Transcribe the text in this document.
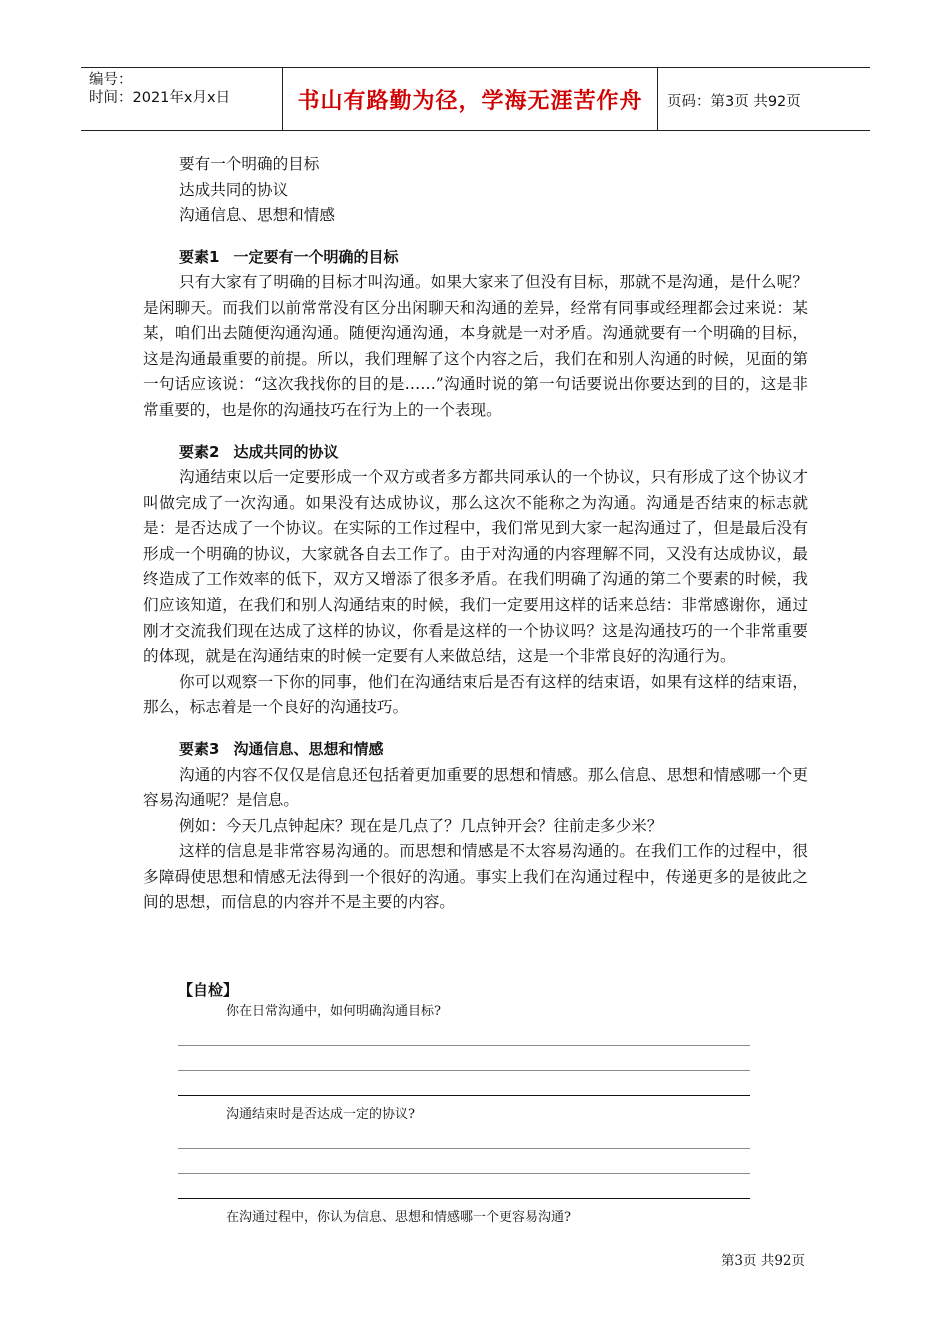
编号：
时间：2021年x月x日	书山有路勤为径，学海无涯苦作舟 页码：第3页 共92页
要有一个明确的目标
达成共同的协议
沟通信息、思想和情感
要素1 一定要有一个明确的目标

只有大家有了明确的目标才叫沟通。如果大家来了但没有目标，那就不是沟通，是什么呢？是闲聊天。而我们以前常常没有区分出闲聊天和沟通的差异，经常有同事或经理都会过来说：某某，咱们出去随便沟通沟通。随便沟通沟通，本身就是一对矛盾。沟通就要有一个明确的目标，这是沟通最重要的前提。所以，我们理解了这个内容之后，我们在和别人沟通的时候，见面的第一句话应该说：“这次我找你的目的是……”沟通时说的第一句话要说出你要达到的目的，这是非常重要的，也是你的沟通技巧在行为上的一个表现。

要素2 达成共同的协议

沟通结束以后一定要形成一个双方或者多方都共同承认的一个协议，只有形成了这个协议才叫做完成了一次沟通。如果没有达成协议，那么这次不能称之为沟通。沟通是否结束的标志就是：是否达成了一个协议。在实际的工作过程中，我们常见到大家一起沟通过了，但是最后没有形成一个明确的协议，大家就各自去工作了。由于对沟通的内容理解不同，又没有达成协议，最终造成了工作效率的低下，双方又增添了很多矛盾。在我们明确了沟通的第二个要素的时候，我们应该知道，在我们和别人沟通结束的时候，我们一定要用这样的话来总结：非常感谢你，通过刚才交流我们现在达成了这样的协议，你看是这样的一个协议吗？这是沟通技巧的一个非常重要的体现，就是在沟通结束的时候一定要有人来做总结，这是一个非常良好的沟通行为。

你可以观察一下你的同事，他们在沟通结束后是否有这样的结束语，如果有这样的结束语，那么，标志着是一个良好的沟通技巧。

要素3 沟通信息、思想和情感

沟通的内容不仅仅是信息还包括着更加重要的思想和情感。那么信息、思想和情感哪一个更容易沟通呢？是信息。

例如：今天几点钟起床？现在是几点了？几点钟开会？往前走多少米？

这样的信息是非常容易沟通的。而思想和情感是不太容易沟通的。在我们工作的过程中，很多障碍使思想和情感无法得到一个很好的沟通。事实上我们在沟通过程中，传递更多的是彼此之间的思想，而信息的内容并不是主要的内容。

【自检】
你在日常沟通中，如何明确沟通目标?
沟通结束时是否达成一定的协议?
在沟通过程中，你认为信息、思想和情感哪一个更容易沟通?
第3页 共92页
